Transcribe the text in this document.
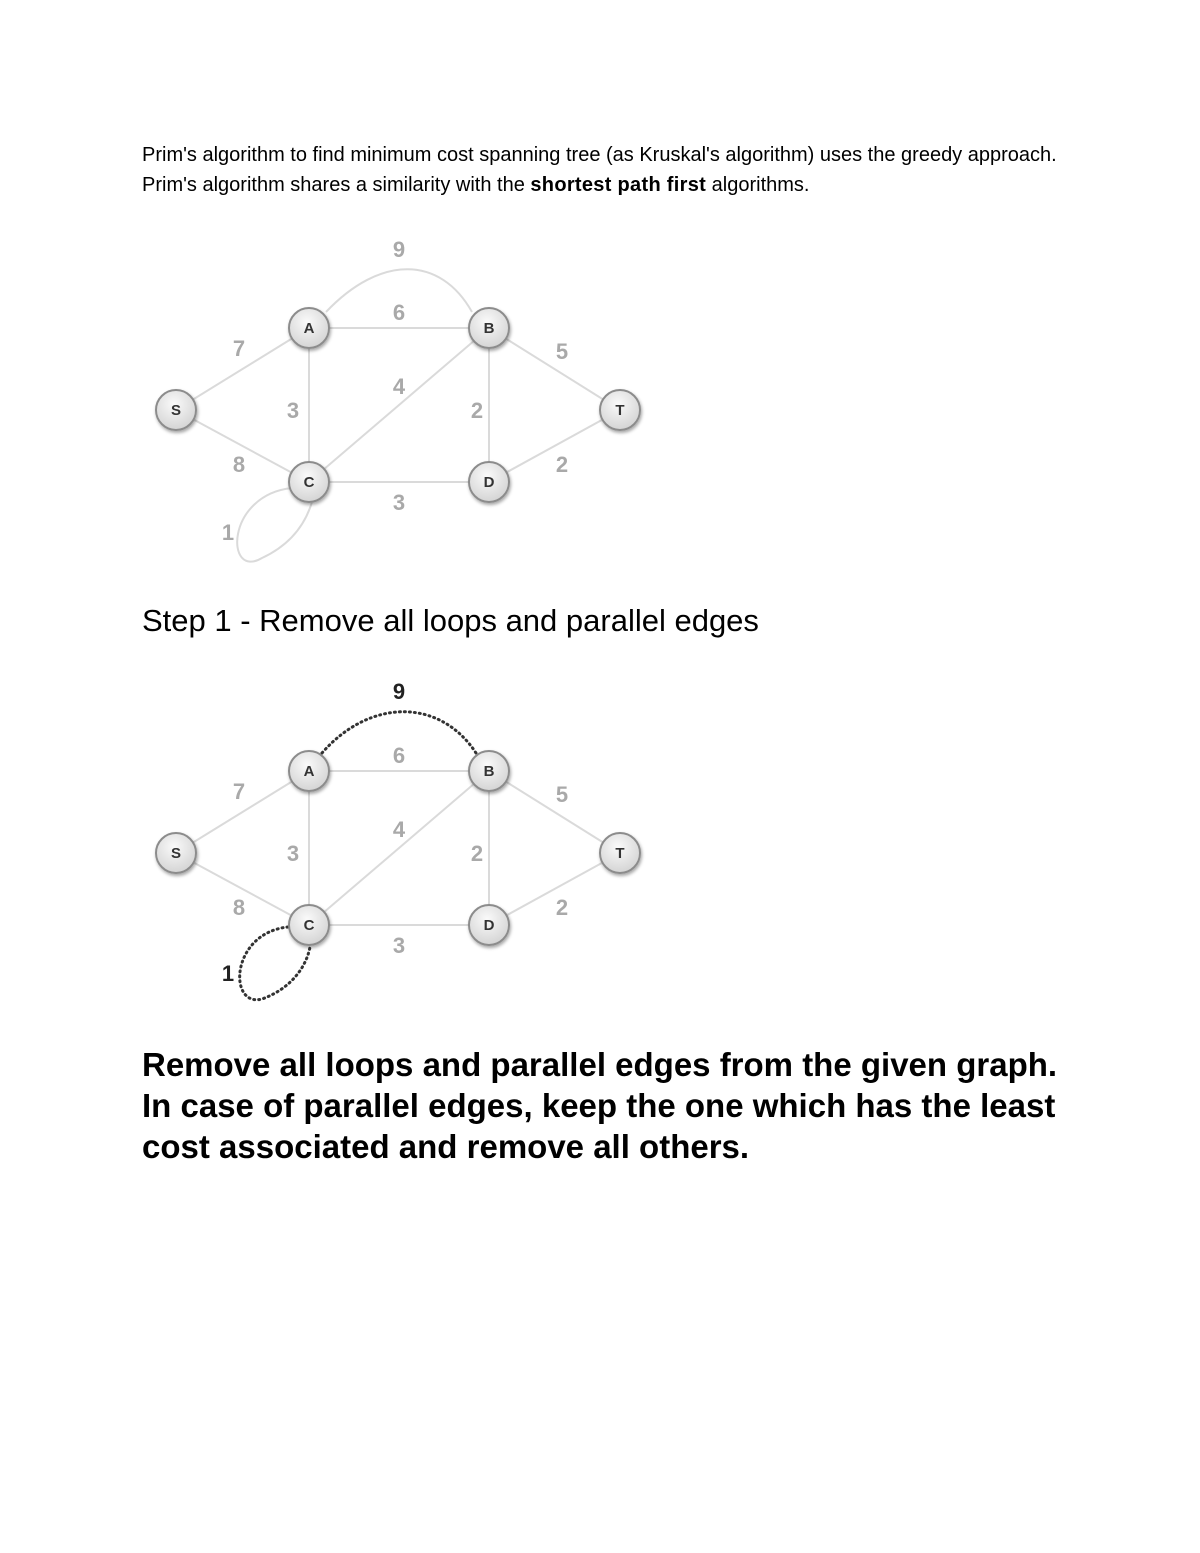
Prim's algorithm to find minimum cost spanning tree (as Kruskal's algorithm) uses the greedy approach. Prim's algorithm shares a similarity with the shortest path first algorithms.

7
8
9
6
3
4
2
3
5
2
1
S
A	B
C	D
T
Step 1 - Remove all loops and parallel edges
7
8
9
6
3
4
2
3
5
2
1
S
A	B
C	D
T

Remove all loops and parallel edges from the given graph. In case of parallel edges, keep the one which has the least cost associated and remove all others.
